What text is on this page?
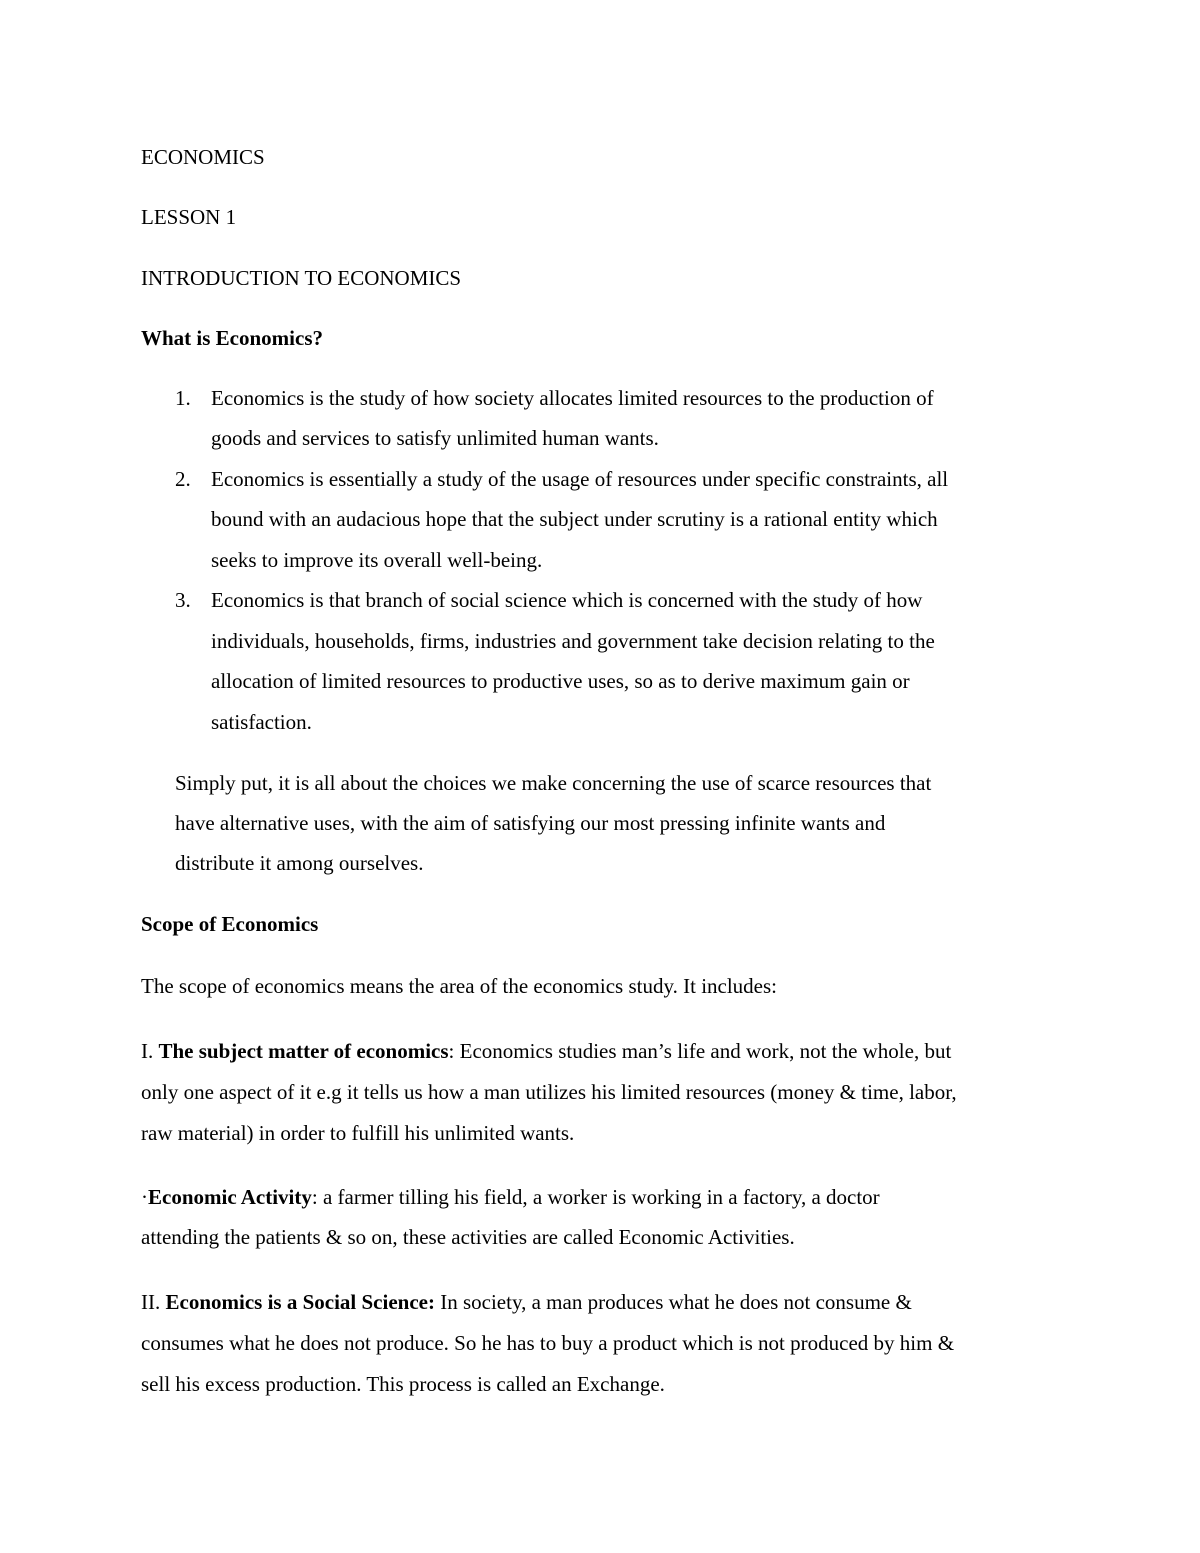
ECONOMICS
LESSON 1
INTRODUCTION TO ECONOMICS
What is Economics?
1. Economics is the study of how society allocates limited resources to the production of
goods and services to satisfy unlimited human wants.
2. Economics is essentially a study of the usage of resources under specific constraints, all
bound with an audacious hope that the subject under scrutiny is a rational entity which
seeks to improve its overall well-being.
3. Economics is that branch of social science which is concerned with the study of how
individuals, households, firms, industries and government take decision relating to the
allocation of limited resources to productive uses, so as to derive maximum gain or
satisfaction.
Simply put, it is all about the choices we make concerning the use of scarce resources that
have alternative uses, with the aim of satisfying our most pressing infinite wants and
distribute it among ourselves.
Scope of Economics
The scope of economics means the area of the economics study. It includes:
I. The subject matter of economics: Economics studies man’s life and work, not the whole, but
only one aspect of it e.g it tells us how a man utilizes his limited resources (money & time, labor,
raw material) in order to fulfill his unlimited wants.
·Economic Activity: a farmer tilling his field, a worker is working in a factory, a doctor
attending the patients & so on, these activities are called Economic Activities.
II. Economics is a Social Science: In society, a man produces what he does not consume &
consumes what he does not produce. So he has to buy a product which is not produced by him &
sell his excess production. This process is called an Exchange.
